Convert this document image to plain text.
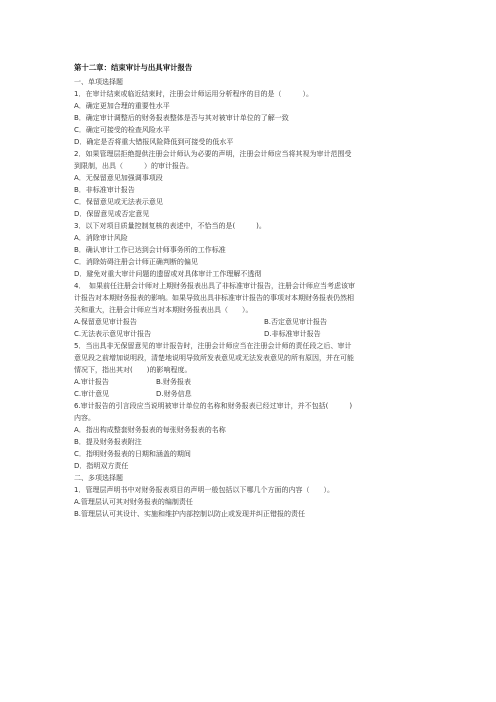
第十二章：结束审计与出具审计报告
一、单项选择题
1．在审计结束或临近结束时，注册会计师运用分析程序的目的是（　　　）。
A．确定更加合理的重要性水平
B．确定审计调整后的财务报表整体是否与其对被审计单位的了解一致
C．确定可接受的检查风险水平
D．确定是否将重大错报风险降低到可接受的低水平
2．如果管理层拒绝提供注册会计师认为必要的声明，注册会计师应当将其视为审计范围受
到限制，出具（　　　）的审计报告。
A．无保留意见加强调事项段
B．非标准审计报告
C．保留意见或无法表示意见
D．保留意见或否定意见
3．以下对项目质量控制复核的表述中，不恰当的是(　　　)。
A．消除审计风险
B．确认审计工作已达到会计师事务所的工作标准
C．消除妨碍注册会计师正确判断的偏见
D．避免对重大审计问题的遗留或对具体审计工作理解不透彻
4．　如果前任注册会计师对上期财务报表出具了非标准审计报告，注册会计师应当考虑该审
计报告对本期财务报表的影响。如果导致出具非标准审计报告的事项对本期财务报表仍然相
关和重大，注册会计师应当对本期财务报表出具（　　）。
A.保留意见审计报告	B.否定意见审计报告
C.无法表示意见审计报告	D.非标准审计报告
5．当出具非无保留意见的审计报告时，注册会计师应当在注册会计师的责任段之后、审计
意见段之前增加说明段，清楚地说明导致所发表意见或无法发表意见的所有原因，并在可能
情况下，指出其对(　　)的影响程度。
A.审计报告	B.财务报表
C.审计意见	D.财务信息
6.审计报告的引言段应当说明被审计单位的名称和财务报表已经过审计，并不包括(　　　)
内容。
A．指出构成整套财务报表的每张财务报表的名称
B．提及财务报表附注
C．指明财务报表的日期和涵盖的期间
D．指明双方责任
二、多项选择题
1．管理层声明书中对财务报表项目的声明一般包括以下哪几个方面的内容（　　）。
A.管理层认可其对财务报表的编制责任
B.管理层认可其设计、实施和维护内部控制以防止或发现并纠正错报的责任
